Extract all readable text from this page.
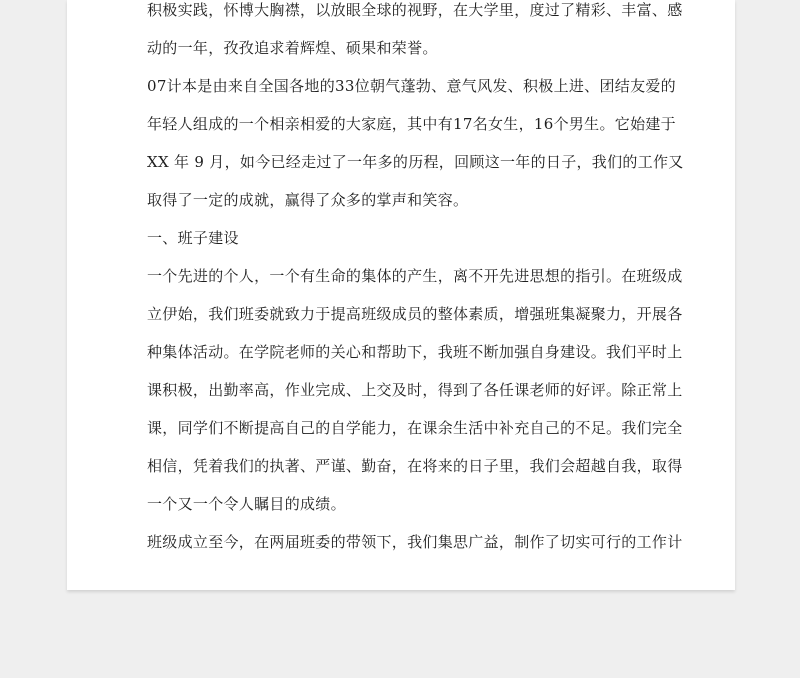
积极实践，怀博大胸襟，以放眼全球的视野，在大学里，度过了精彩、丰富、感
动的一年，孜孜追求着辉煌、硕果和荣誉。
07计本是由来自全国各地的33位朝气蓬勃、意气风发、积极上进、团结友爱的
年轻人组成的一个相亲相爱的大家庭，其中有17名女生，16个男生。它始建于
XX 年 9 月，如今已经走过了一年多的历程，回顾这一年的日子，我们的工作又
取得了一定的成就，赢得了众多的掌声和笑容。
一、班子建设
一个先进的个人，一个有生命的集体的产生，离不开先进思想的指引。在班级成
立伊始，我们班委就致力于提高班级成员的整体素质，增强班集凝聚力，开展各
种集体活动。在学院老师的关心和帮助下，我班不断加强自身建设。我们平时上
课积极，出勤率高，作业完成、上交及时，得到了各任课老师的好评。除正常上
课，同学们不断提高自己的自学能力，在课余生活中补充自己的不足。我们完全
相信，凭着我们的执著、严谨、勤奋，在将来的日子里，我们会超越自我，取得
一个又一个令人瞩目的成绩。
班级成立至今，在两届班委的带领下，我们集思广益，制作了切实可行的工作计
